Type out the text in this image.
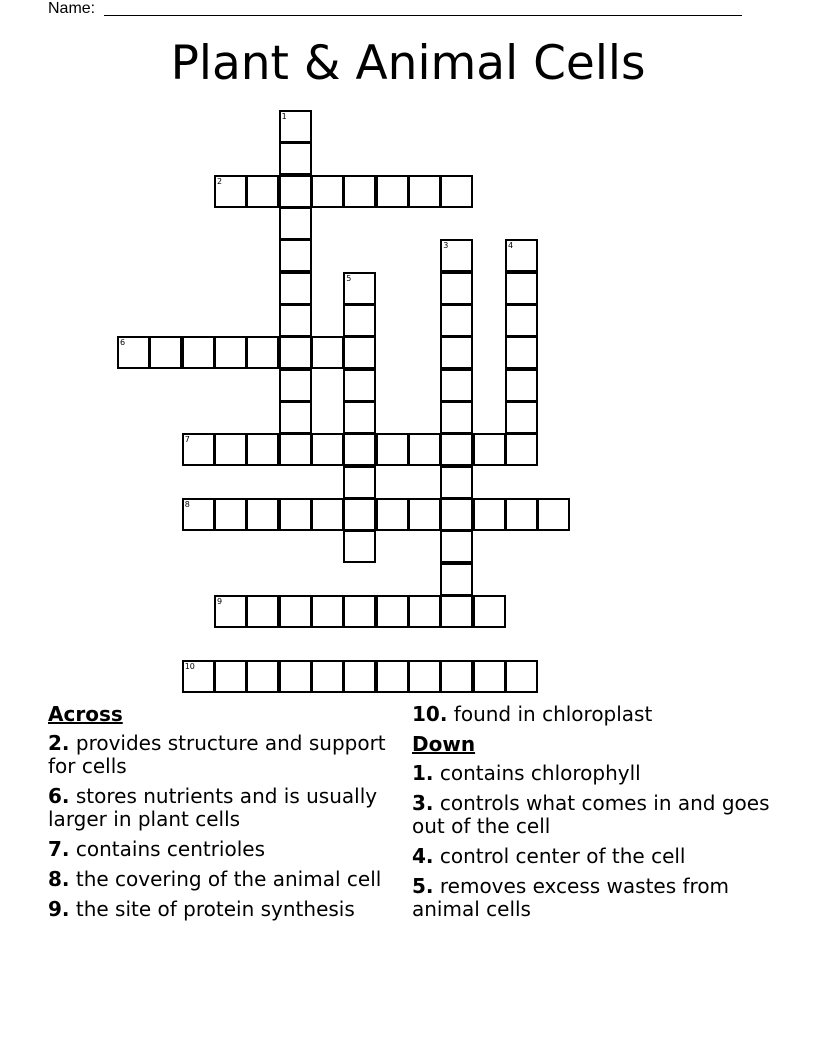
Name:
Plant & Animal Cells
1
2
3	4
5
6
7
8
9
10
Across
2. provides structure and support for cells
6. stores nutrients and is usually larger in plant cells
7. contains centrioles
8. the covering of the animal cell
9. the site of protein synthesis
10. found in chloroplast
Down
1. contains chlorophyll
3. controls what comes in and goes out of the cell
4. control center of the cell
5. removes excess wastes from animal cells
